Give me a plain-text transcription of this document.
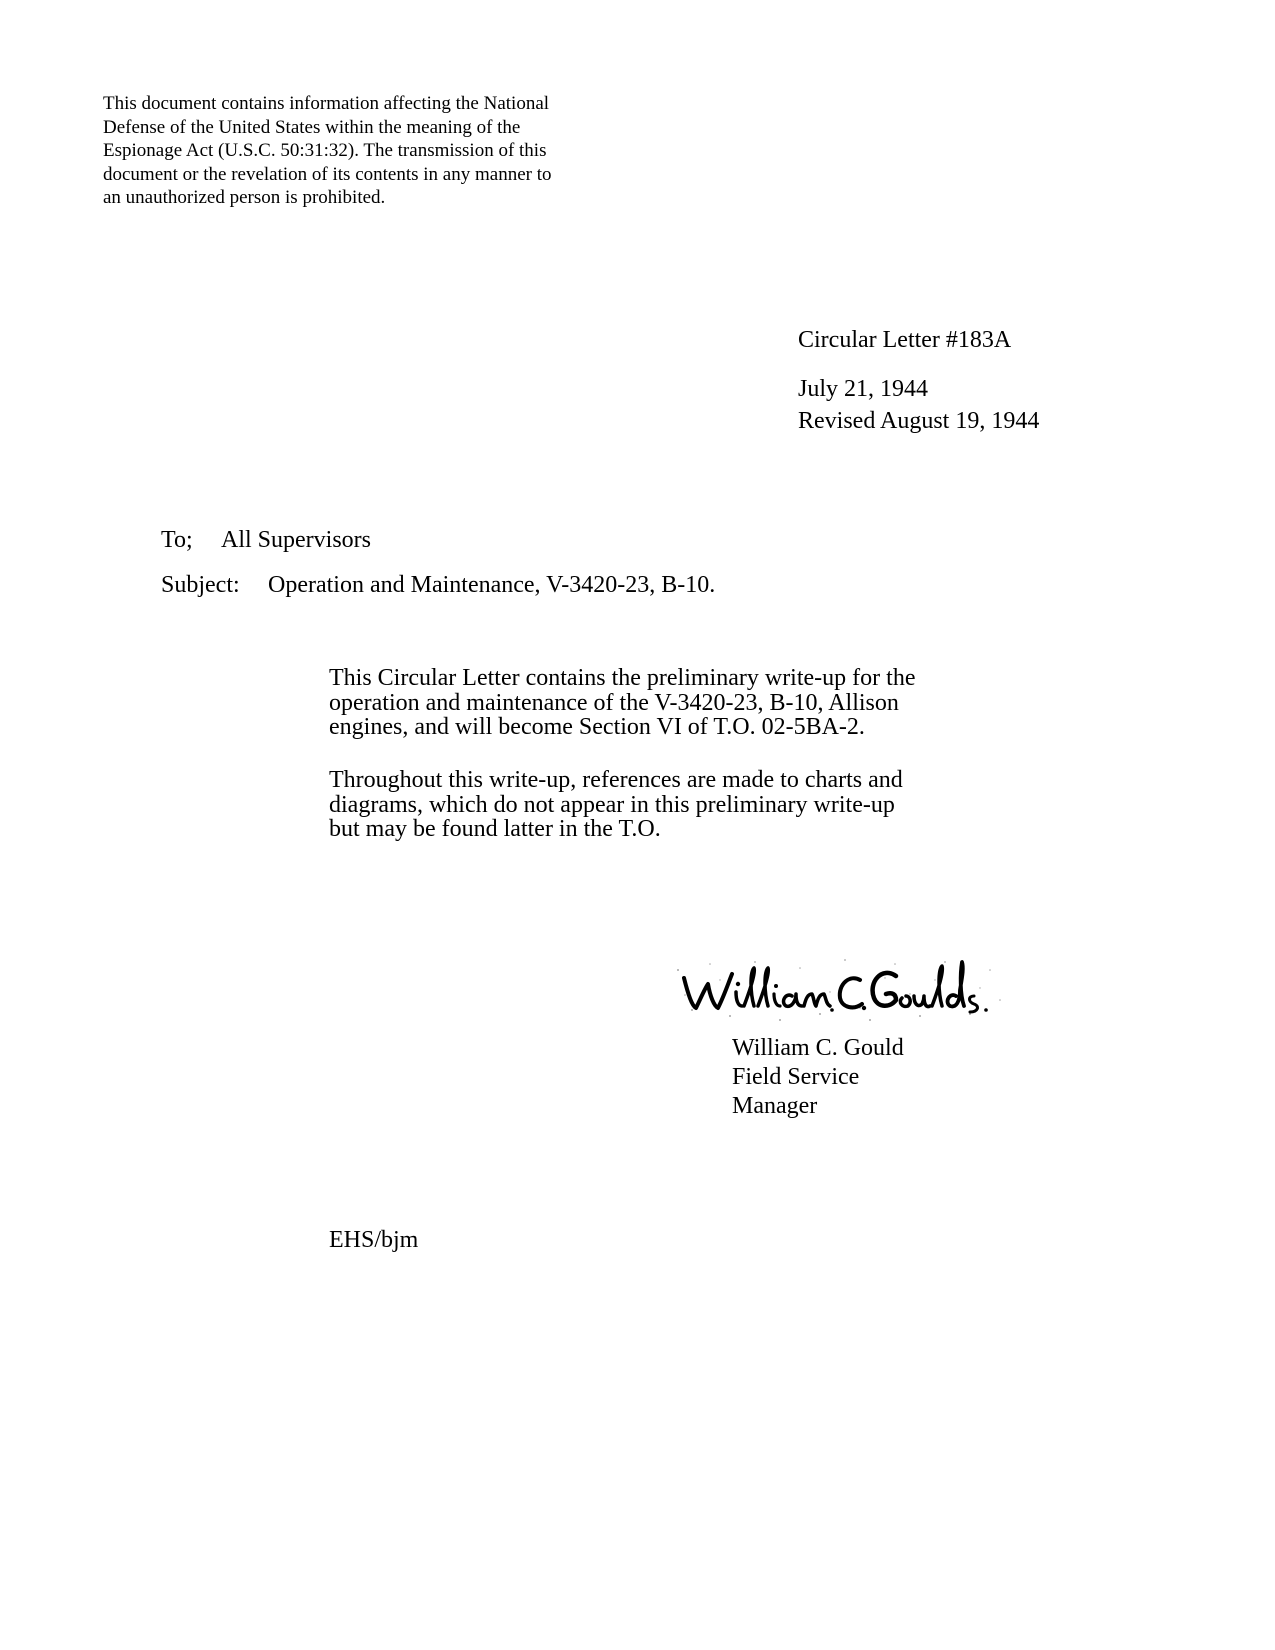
This document contains information affecting the National
Defense of the United States within the meaning of the
Espionage Act (U.S.C. 50:31:32). The transmission of this
document or the revelation of its contents in any manner to
an unauthorized person is prohibited.
Circular Letter #183A
July 21, 1944
Revised August 19, 1944
To; All Supervisors
Subject: Operation and Maintenance, V-3420-23, B-10.
This Circular Letter contains the preliminary write-up for the
operation and maintenance of the V-3420-23, B-10, Allison
engines, and will become Section VI of T.O. 02-5BA-2.
Throughout this write-up, references are made to charts and
diagrams, which do not appear in this preliminary write-up
but may be found latter in the T.O.
William C. Gould
Field Service
Manager
EHS/bjm
